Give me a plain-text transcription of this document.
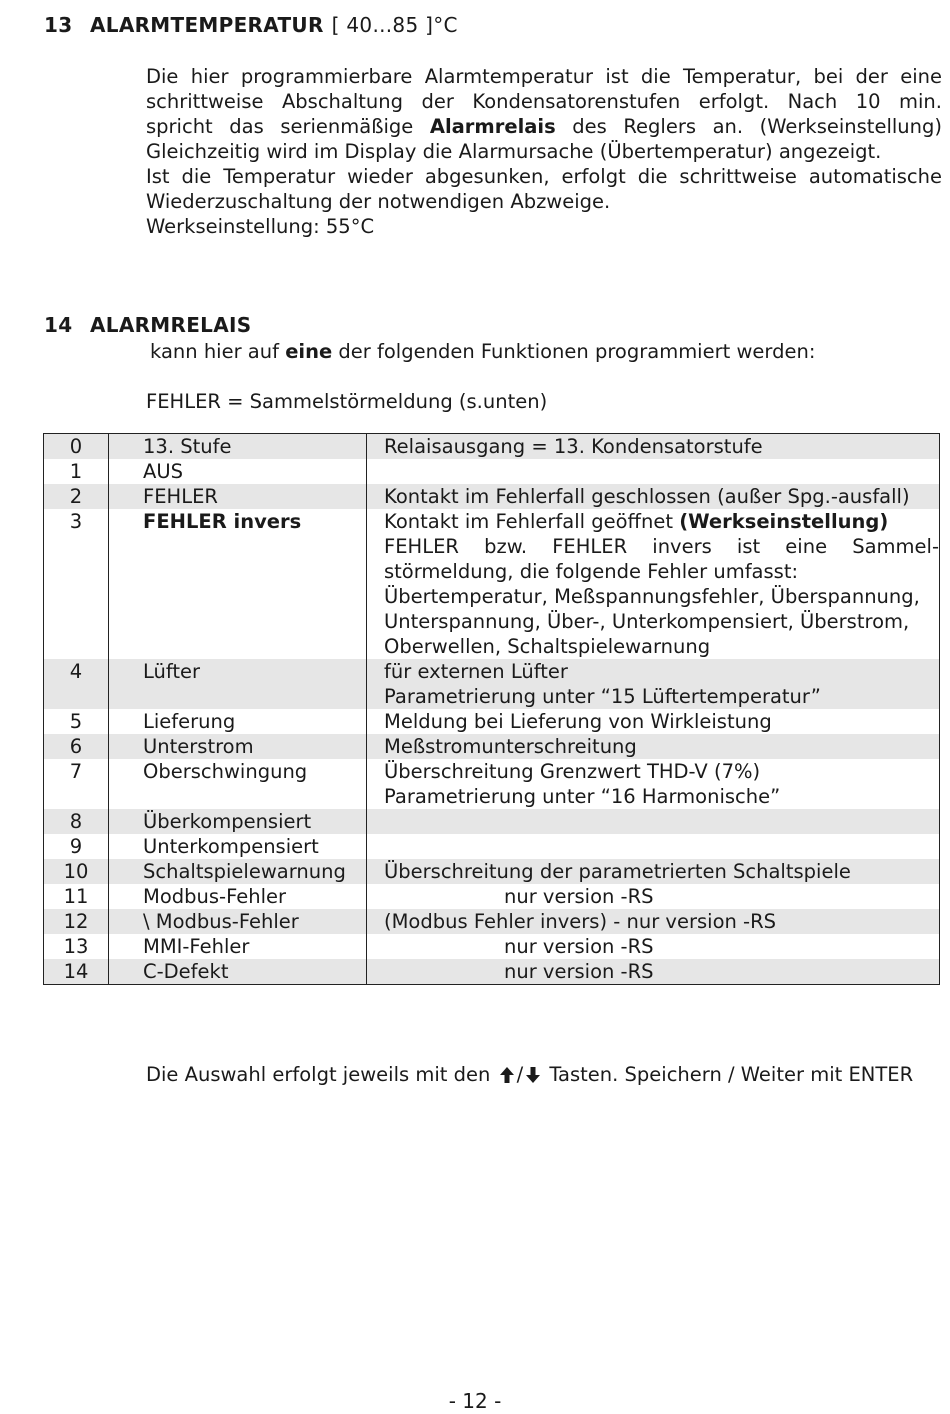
13 ALARMTEMPERATUR [ 40...85 ]°C

Die hier programmierbare Alarmtemperatur ist die Temperatur, bei der eine

schrittweise Abschaltung der Kondensatorenstufen erfolgt. Nach 10 min.

spricht das serienmäßige Alarmrelais des Reglers an. (Werkseinstellung)

Gleichzeitig wird im Display die Alarmursache (Übertemperatur) angezeigt.

Ist die Temperatur wieder abgesunken, erfolgt die schrittweise automatische

Wiederzuschaltung der notwendigen Abzweige.

Werkseinstellung: 55°C

14 ALARMRELAIS
kann hier auf eine der folgenden Funktionen programmiert werden:
FEHLER = Sammelstörmeldung (s.unten)
0	13. Stufe	Relaisausgang = 13. Kondensatorstufe
1	AUS

2	FEHLER	Kontakt im Fehlerfall geschlossen (außer Spg.-ausfall)
3	FEHLER invers	Kontakt im Fehlerfall geöffnet (Werkseinstellung)
FEHLER bzw. FEHLER invers ist eine Sammel-
störmeldung, die folgende Fehler umfasst:
Übertemperatur, Meßspannungsfehler, Überspannung,
Unterspannung, Über-, Unterkompensiert, Überstrom,
Oberwellen, Schaltspielewarnung
4	Lüfter	für externen Lüfter
Parametrierung unter “15 Lüftertemperatur”
5	Lieferung	Meldung bei Lieferung von Wirkleistung
6	Unterstrom	Meßstromunterschreitung
7	Oberschwingung	Überschreitung Grenzwert THD-V (7%)
Parametrierung unter “16 Harmonische”
8	Überkompensiert

9	Unterkompensiert

10	Schaltspielewarnung	Überschreitung der parametrierten Schaltspiele
11	Modbus-Fehler	nur version -RS
12	\ Modbus-Fehler	(Modbus Fehler invers) - nur version -RS
13	MMI-Fehler	nur version -RS
14	C-Defekt	nur version -RS
Die Auswahl erfolgt jeweils mit den / Tasten. Speichern / Weiter mit ENTER
- 12 -
